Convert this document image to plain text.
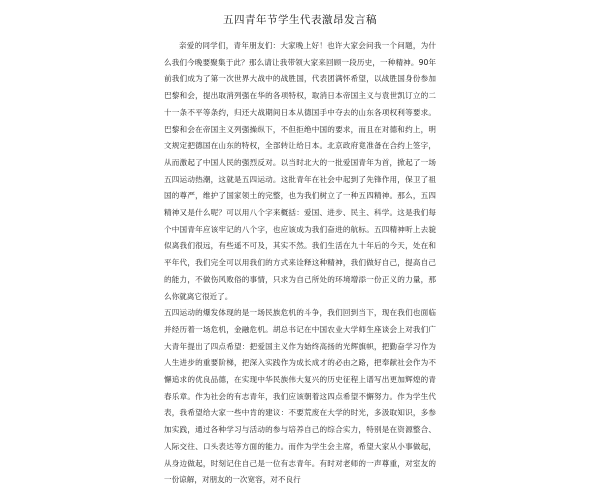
五四青年节学生代表激昂发言稿

亲爱的同学们，青年朋友们：大家晚上好！也许大家会问我一个问题，为什么我们今晚要聚集于此？那么请让我带领大家来回顾一段历史，一种精神。90年前我们成为了第一次世界大战中的战胜国，代表团满怀希望，以战胜国身份参加巴黎和会，提出取消列强在华的各项特权，取消日本帝国主义与袁世凯订立的二十一条不平等条约，归还大战期间日本从德国手中夺去的山东各项权利等要求。巴黎和会在帝国主义列强操纵下，不但拒绝中国的要求，而且在对德和约上，明文规定把德国在山东的特权，全部转让给日本。北京政府竟准备在合约上签字，从而激起了中国人民的强烈反对。以当时北大的一批爱国青年为首，掀起了一场五四运动热潮，这就是五四运动。这批青年在社会中起到了先锋作用，保卫了祖国的尊严，维护了国家领土的完整，也为我们树立了一种五四精神。那么，五四精神又是什么呢？可以用八个字来概括：爱国、进步、民主、科学。这是我们每个中国青年应该牢记的八个字，也应该成为我们奋进的航标。五四精神听上去貌似离我们很远，有些遥不可及，其实不然。我们生活在九十年后的今天，处在和平年代，我们完全可以用我们的方式来诠释这种精神，我们做好自己，提高自己的能力，不做伤风败俗的事情，只求为自己所处的环境增添一份正义的力量，那么你就离它很近了。

五四运动的爆发体现的是一场民族危机的斗争，我们回到当下，现在我们也面临并经历着一场危机，金融危机。胡总书记在中国农业大学师生座谈会上对我们广大青年提出了四点希望：把爱国主义作为始终高扬的光辉旗帜，把勤奋学习作为人生进步的重要阶梯，把深入实践作为成长成才的必由之路，把奉献社会作为不懈追求的优良品德，在实现中华民族伟大复兴的历史征程上谱写出更加辉煌的青春乐章。作为社会的有志青年，我们应该朝着这四点希望不懈努力。作为学生代表，我希望给大家一些中肯的建议：不要荒废在大学的时光，多汲取知识，多参加实践，通过各种学习与活动的参与培养自己的综合实力，特别是在资源整合、人际交往、口头表达等方面的能力。而作为学生会主席，希望大家从小事做起，从身边做起，时刻记住自己是一位有志青年。有时对老师的一声尊重，对室友的一份谅解，对朋友的一次宽容，对不良行
